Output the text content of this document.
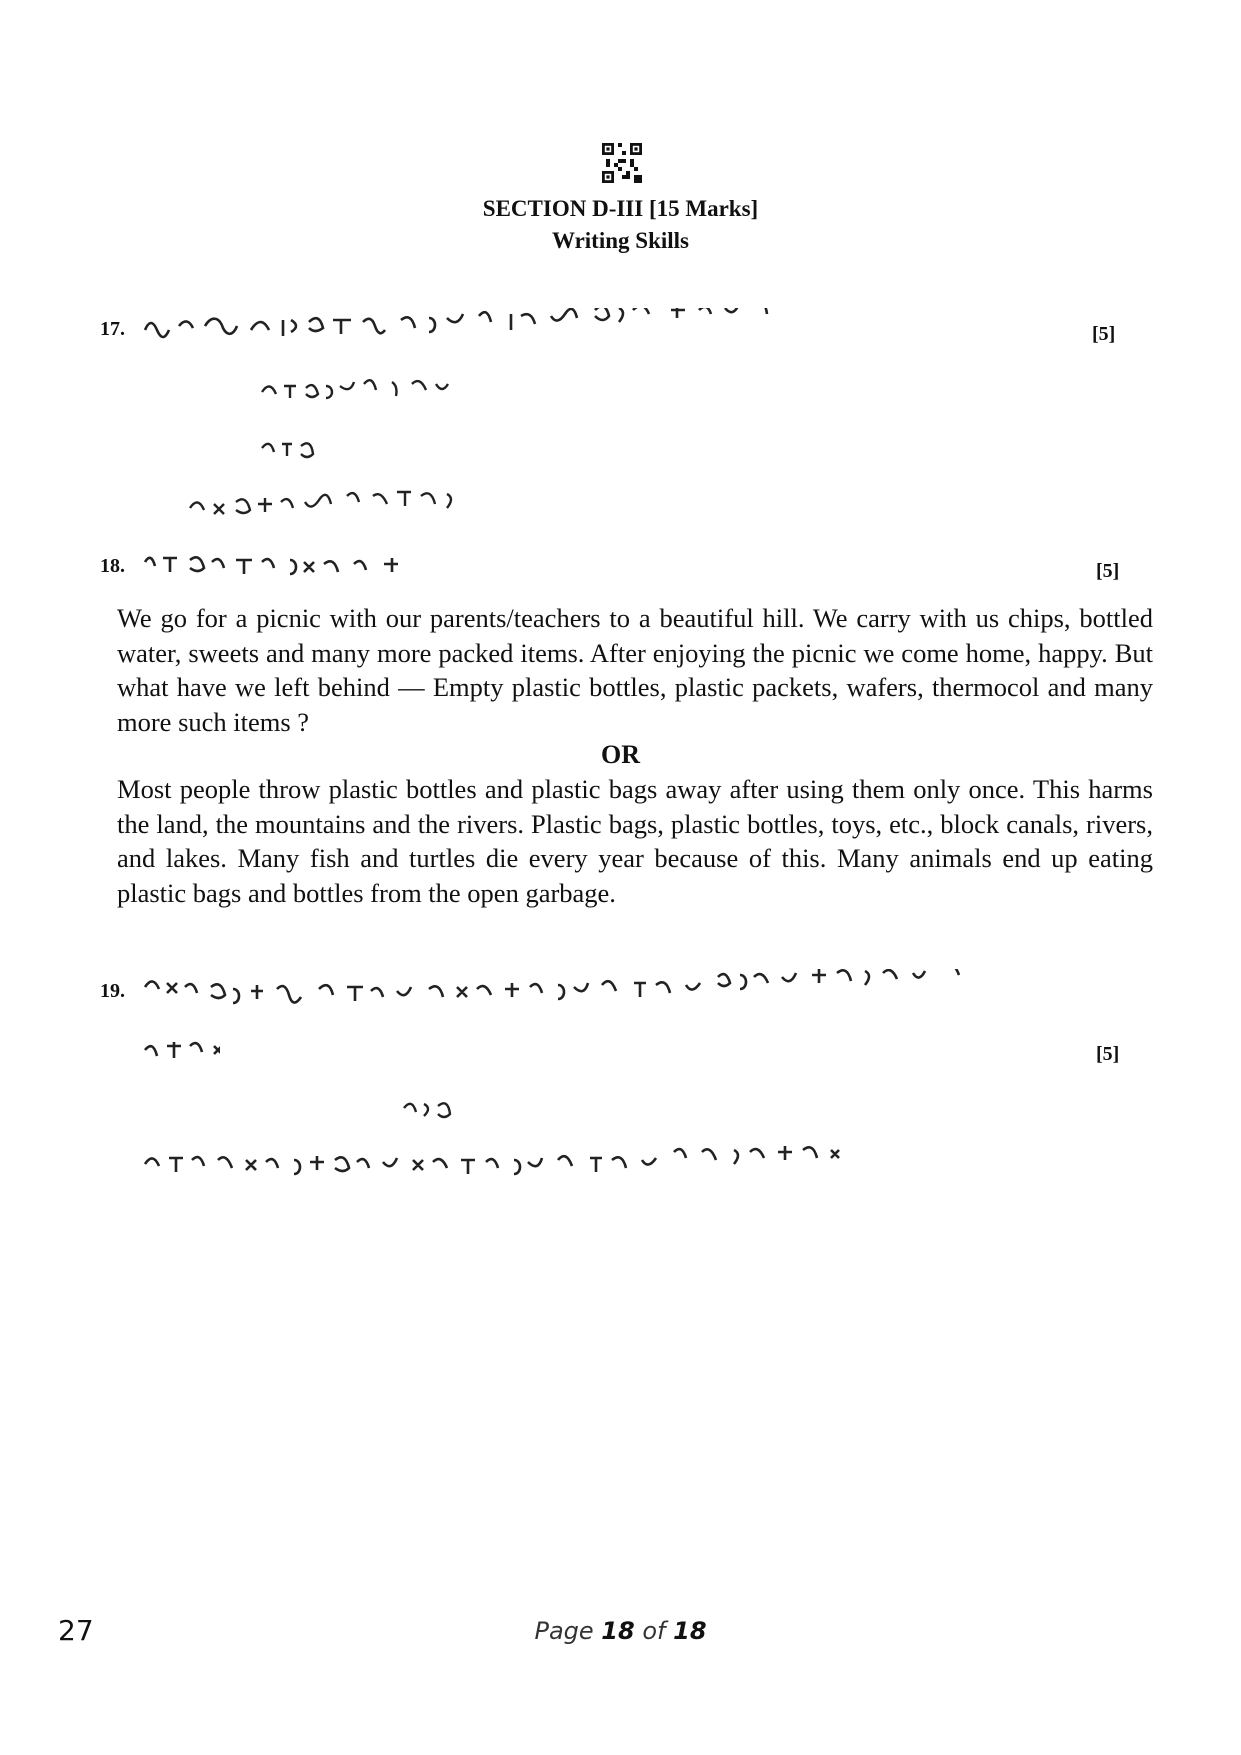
SECTION D-III [15 Marks]
Writing Skills
17.	[5]
18.	[5]
We go for a picnic with our parents/teachers to a beautiful hill. We carry with us chips, bottled water, sweets and many more packed items. After enjoying the picnic we come home, happy. But what have we left behind — Empty plastic bottles, plastic packets, wafers, thermocol and many more such items ?
OR
Most people throw plastic bottles and plastic bags away after using them only once. This harms the land, the mountains and the rivers. Plastic bags, plastic bottles, toys, etc., block canals, rivers, and lakes. Many fish and turtles die every year because of this. Many animals end up eating plastic bags and bottles from the open garbage.
19.
[5]
27	Page 18 of 18
